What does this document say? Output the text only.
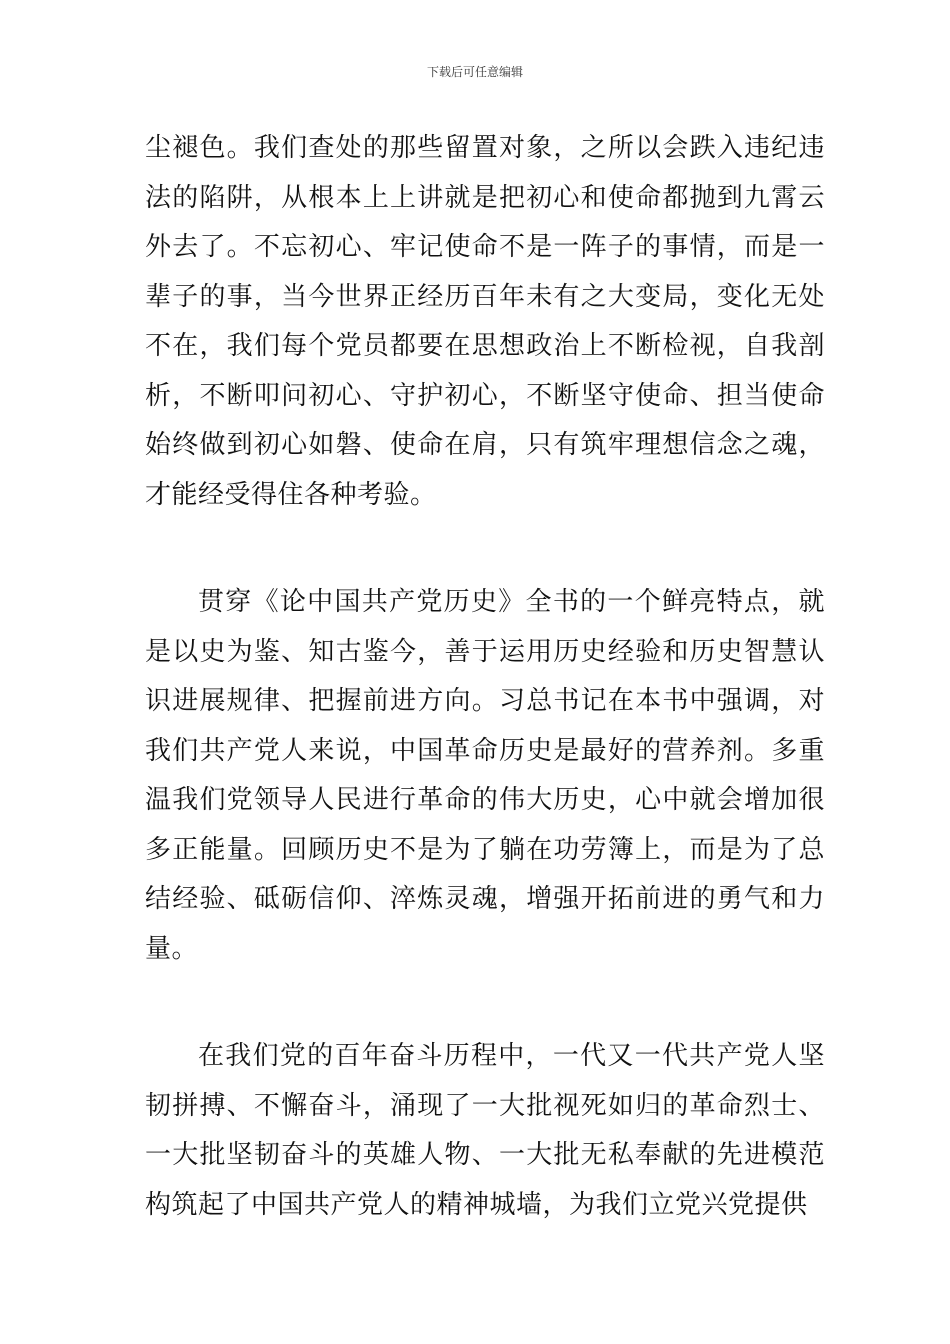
下载后可任意编辑

尘褪色。我们查处的那些留置对象，之所以会跌入违纪违法的陷阱，从根本上上讲就是把初心和使命都抛到九霄云外去了。不忘初心、牢记使命不是一阵子的事情，而是一辈子的事，当今世界正经历百年未有之大变局，变化无处不在，我们每个党员都要在思想政治上不断检视，自我剖析，不断叩问初心、守护初心，不断坚守使命、担当使命始终做到初心如磐、使命在肩，只有筑牢理想信念之魂，才能经受得住各种考验。

贯穿《论中国共产党历史》全书的一个鲜亮特点，就是以史为鉴、知古鉴今，善于运用历史经验和历史智慧认识进展规律、把握前进方向。习总书记在本书中强调，对我们共产党人来说，中国革命历史是最好的营养剂。多重温我们党领导人民进行革命的伟大历史，心中就会增加很多正能量。回顾历史不是为了躺在功劳簿上，而是为了总结经验、砥砺信仰、淬炼灵魂，增强开拓前进的勇气和力量。

在我们党的百年奋斗历程中，一代又一代共产党人坚韧拼搏、不懈奋斗，涌现了一大批视死如归的革命烈士、一大批坚韧奋斗的英雄人物、一大批无私奉献的先进模范构筑起了中国共产党人的精神城墙，为我们立党兴党提供
